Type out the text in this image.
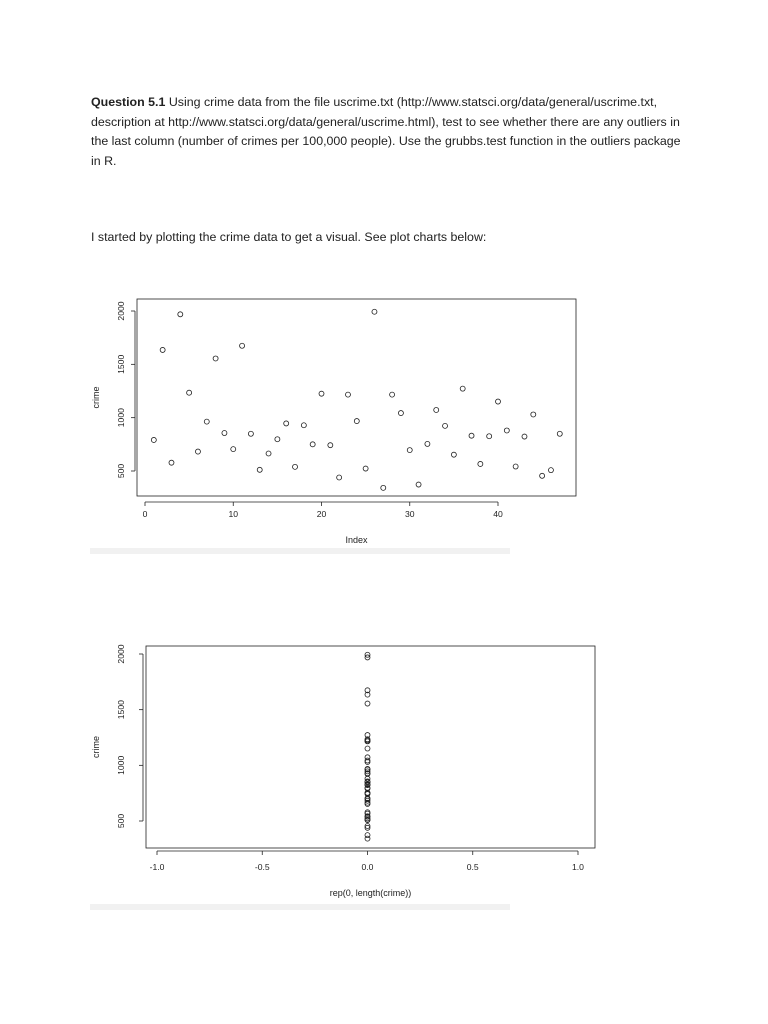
Question 5.1 Using crime data from the file uscrime.txt (http://www.statsci.org/data/general/uscrime.txt, description at http://www.statsci.org/data/general/uscrime.html), test to see whether there are any outliers in the last column (number of crimes per 100,000 people). Use the grubbs.test function in the outliers package in R.
I started by plotting the crime data to get a visual. See plot charts below:
500
1000
1500
2000
0	10	20	30	40
Index
crime
500
1000
1500
2000
-1.0	-0.5	0.0	0.5	1.0
rep(0, length(crime))
crime
